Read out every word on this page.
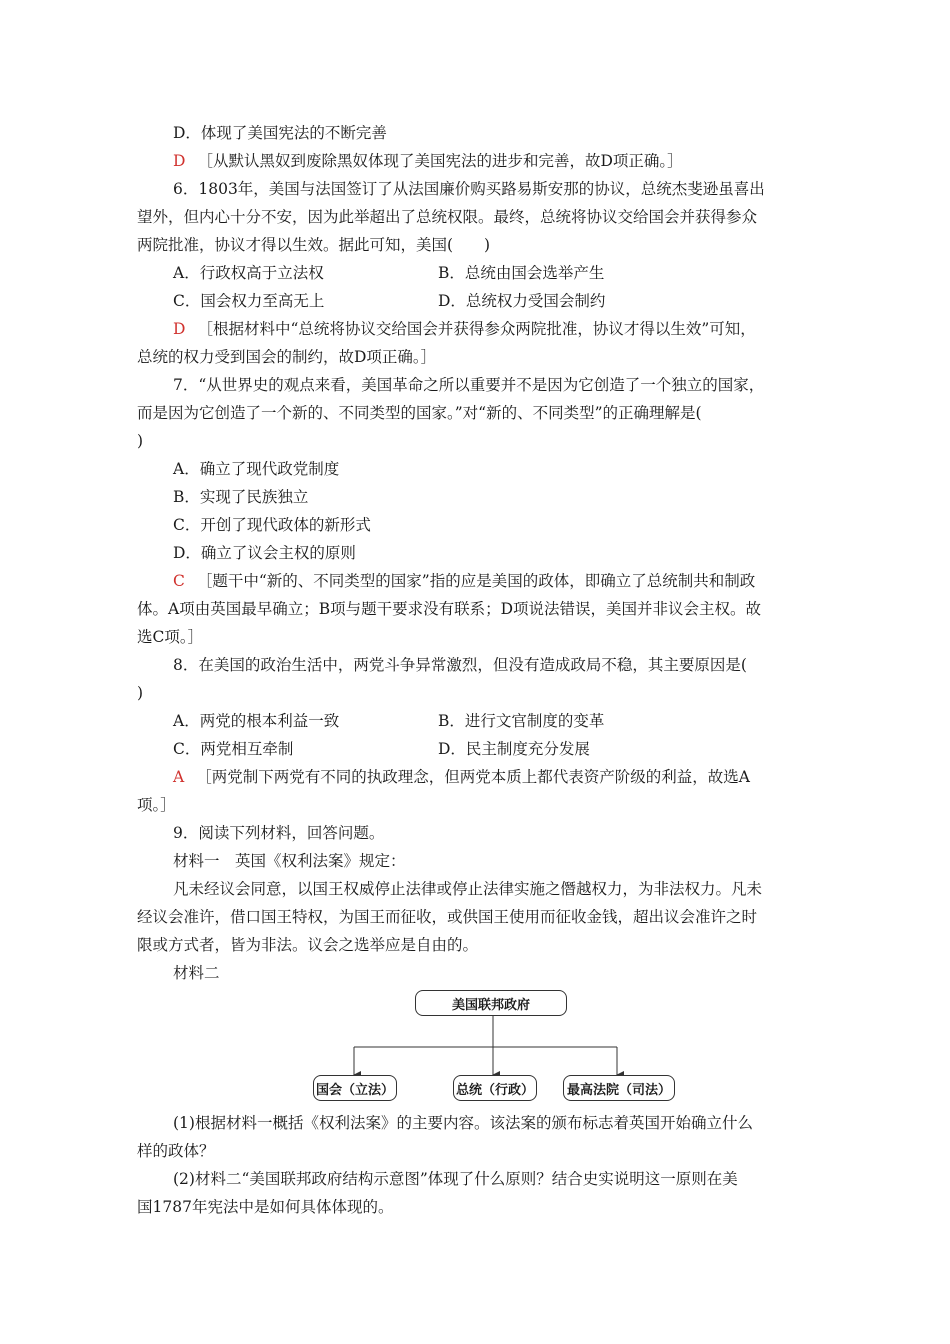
D．体现了美国宪法的不断完善
D ［从默认黑奴到废除黑奴体现了美国宪法的进步和完善，故D项正确。］
6．1803年，美国与法国签订了从法国廉价购买路易斯安那的协议，总统杰斐逊虽喜出
望外，但内心十分不安，因为此举超出了总统权限。最终，总统将协议交给国会并获得参众
两院批准，协议才得以生效。据此可知，美国(　　)
A．行政权高于立法权	B．总统由国会选举产生
C．国会权力至高无上	D．总统权力受国会制约
D ［根据材料中“总统将协议交给国会并获得参众两院批准，协议才得以生效”可知，
总统的权力受到国会的制约，故D项正确。］
7．“从世界史的观点来看，美国革命之所以重要并不是因为它创造了一个独立的国家，
而是因为它创造了一个新的、不同类型的国家。”对“新的、不同类型”的正确理解是(
)
A．确立了现代政党制度
B．实现了民族独立
C．开创了现代政体的新形式
D．确立了议会主权的原则
C ［题干中“新的、不同类型的国家”指的应是美国的政体，即确立了总统制共和制政
体。A项由英国最早确立；B项与题干要求没有联系；D项说法错误，美国并非议会主权。故
选C项。］
8．在美国的政治生活中，两党斗争异常激烈，但没有造成政局不稳，其主要原因是(
)
A．两党的根本利益一致	B．进行文官制度的变革
C．两党相互牵制	D．民主制度充分发展
A ［两党制下两党有不同的执政理念，但两党本质上都代表资产阶级的利益，故选A
项。］
9．阅读下列材料，回答问题。
材料一　英国《权利法案》规定：
凡未经议会同意，以国王权威停止法律或停止法律实施之僭越权力，为非法权力。凡未
经议会准许，借口国王特权，为国王而征收，或供国王使用而征收金钱，超出议会准许之时
限或方式者，皆为非法。议会之选举应是自由的。
材料二
美国联邦政府
国会（立法）	总统（行政）	最高法院（司法）
(1)根据材料一概括《权利法案》的主要内容。该法案的颁布标志着英国开始确立什么
样的政体？
(2)材料二“美国联邦政府结构示意图”体现了什么原则？结合史实说明这一原则在美
国1787年宪法中是如何具体体现的。
